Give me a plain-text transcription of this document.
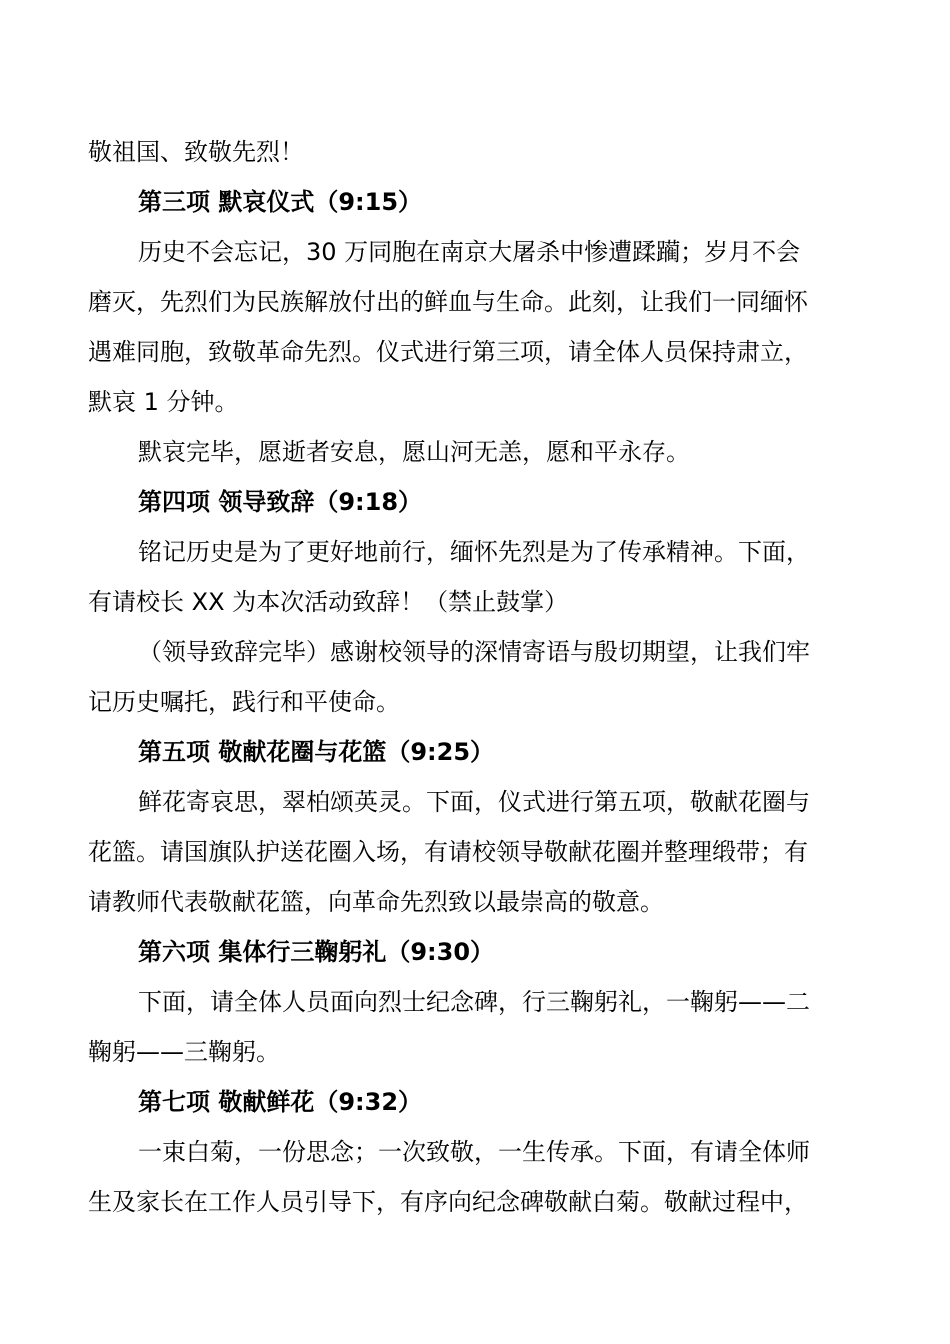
敬祖国、致敬先烈！
第三项 默哀仪式（9:15）
历史不会忘记，30 万同胞在南京大屠杀中惨遭蹂躏；岁月不会
磨灭，先烈们为民族解放付出的鲜血与生命。此刻，让我们一同缅怀
遇难同胞，致敬革命先烈。仪式进行第三项，请全体人员保持肃立，
默哀 1 分钟。
默哀完毕，愿逝者安息，愿山河无恙，愿和平永存。
第四项 领导致辞（9:18）
铭记历史是为了更好地前行，缅怀先烈是为了传承精神。下面，
有请校长 XX 为本次活动致辞！（禁止鼓掌）
（领导致辞完毕）感谢校领导的深情寄语与殷切期望，让我们牢
记历史嘱托，践行和平使命。
第五项 敬献花圈与花篮（9:25）
鲜花寄哀思，翠柏颂英灵。下面，仪式进行第五项，敬献花圈与
花篮。请国旗队护送花圈入场，有请校领导敬献花圈并整理缎带；有
请教师代表敬献花篮，向革命先烈致以最崇高的敬意。
第六项 集体行三鞠躬礼（9:30）
下面，请全体人员面向烈士纪念碑，行三鞠躬礼，一鞠躬——二
鞠躬——三鞠躬。
第七项 敬献鲜花（9:32）
一束白菊，一份思念；一次致敬，一生传承。下面，有请全体师
生及家长在工作人员引导下，有序向纪念碑敬献白菊。敬献过程中，
